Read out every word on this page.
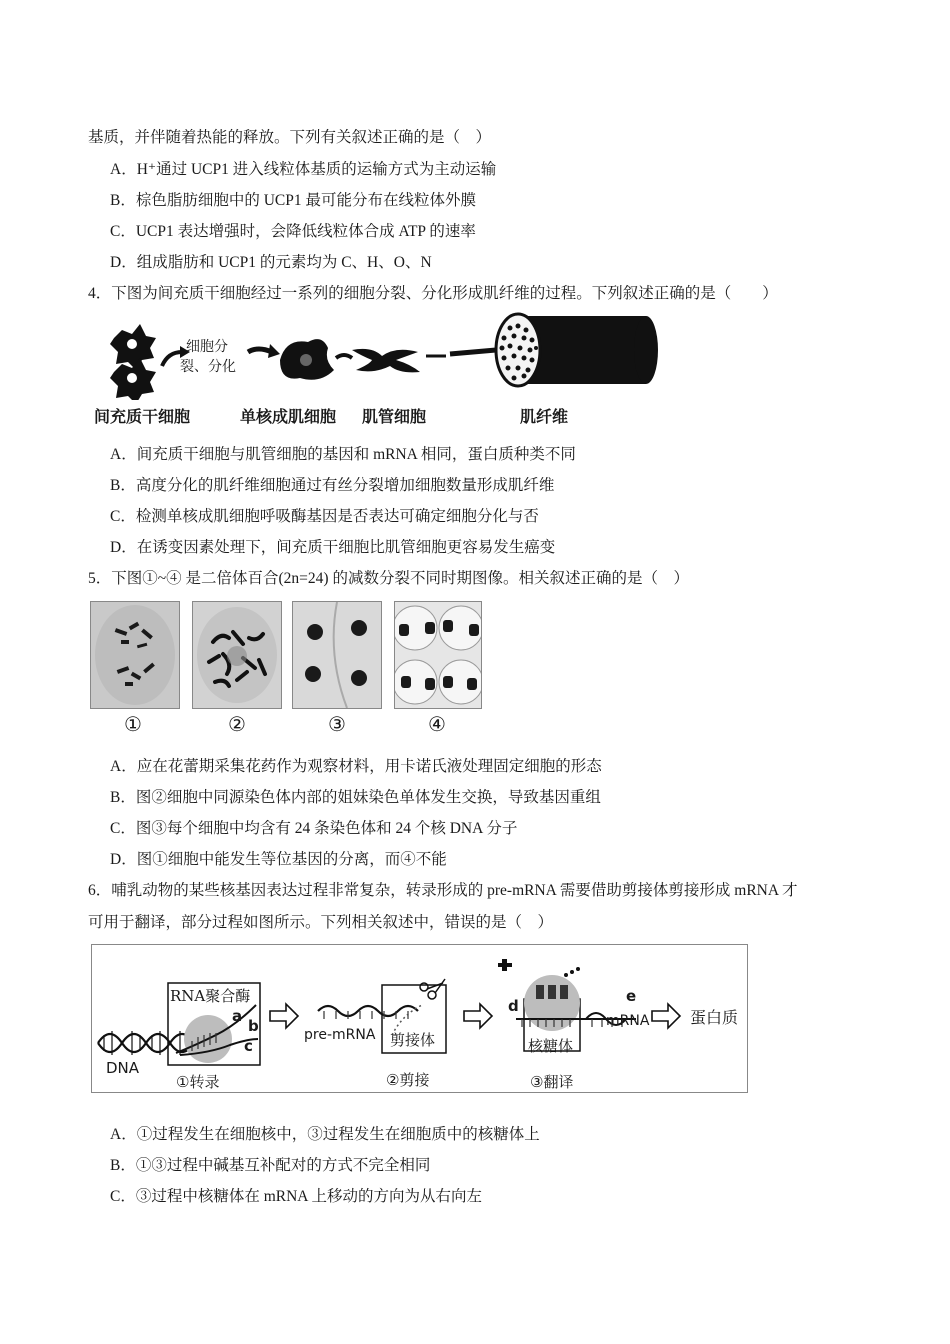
基质，并伴随着热能的释放。下列有关叙述正确的是（　）
A．H⁺通过 UCP1 进入线粒体基质的运输方式为主动运输
B．棕色脂肪细胞中的 UCP1 最可能分布在线粒体外膜
C．UCP1 表达增强时，会降低线粒体合成 ATP 的速率
D．组成脂肪和 UCP1 的元素均为 C、H、O、N
4．下图为间充质干细胞经过一系列的细胞分裂、分化形成肌纤维的过程。下列叙述正确的是（　　）
细胞分
裂、分化
间充质干细胞	单核成肌细胞 肌管细胞	肌纤维
A．间充质干细胞与肌管细胞的基因和 mRNA 相同，蛋白质种类不同
B．高度分化的肌纤维细胞通过有丝分裂增加细胞数量形成肌纤维
C．检测单核成肌细胞呼吸酶基因是否表达可确定细胞分化与否
D．在诱变因素处理下，间充质干细胞比肌管细胞更容易发生癌变
5．下图①~④ 是二倍体百合(2n=24) 的减数分裂不同时期图像。相关叙述正确的是（　）
①	②	③	④
A．应在花蕾期采集花药作为观察材料，用卡诺氏液处理固定细胞的形态
B．图②细胞中同源染色体内部的姐妹染色单体发生交换，导致基因重组
C．图③每个细胞中均含有 24 条染色体和 24 个核 DNA 分子
D．图①细胞中能发生等位基因的分离，而④不能
6．哺乳动物的某些核基因表达过程非常复杂，转录形成的 pre-mRNA 需要借助剪接体剪接形成 mRNA 才
可用于翻译，部分过程如图所示。下列相关叙述中，错误的是（　）
RNA聚合酶
a
b
c
DNA
①转录
pre-mRNA 剪接体
②剪接
d
e
核糖体
③翻译
mRNA	蛋白质
A．①过程发生在细胞核中，③过程发生在细胞质中的核糖体上
B．①③过程中碱基互补配对的方式不完全相同
C．③过程中核糖体在 mRNA 上移动的方向为从右向左
